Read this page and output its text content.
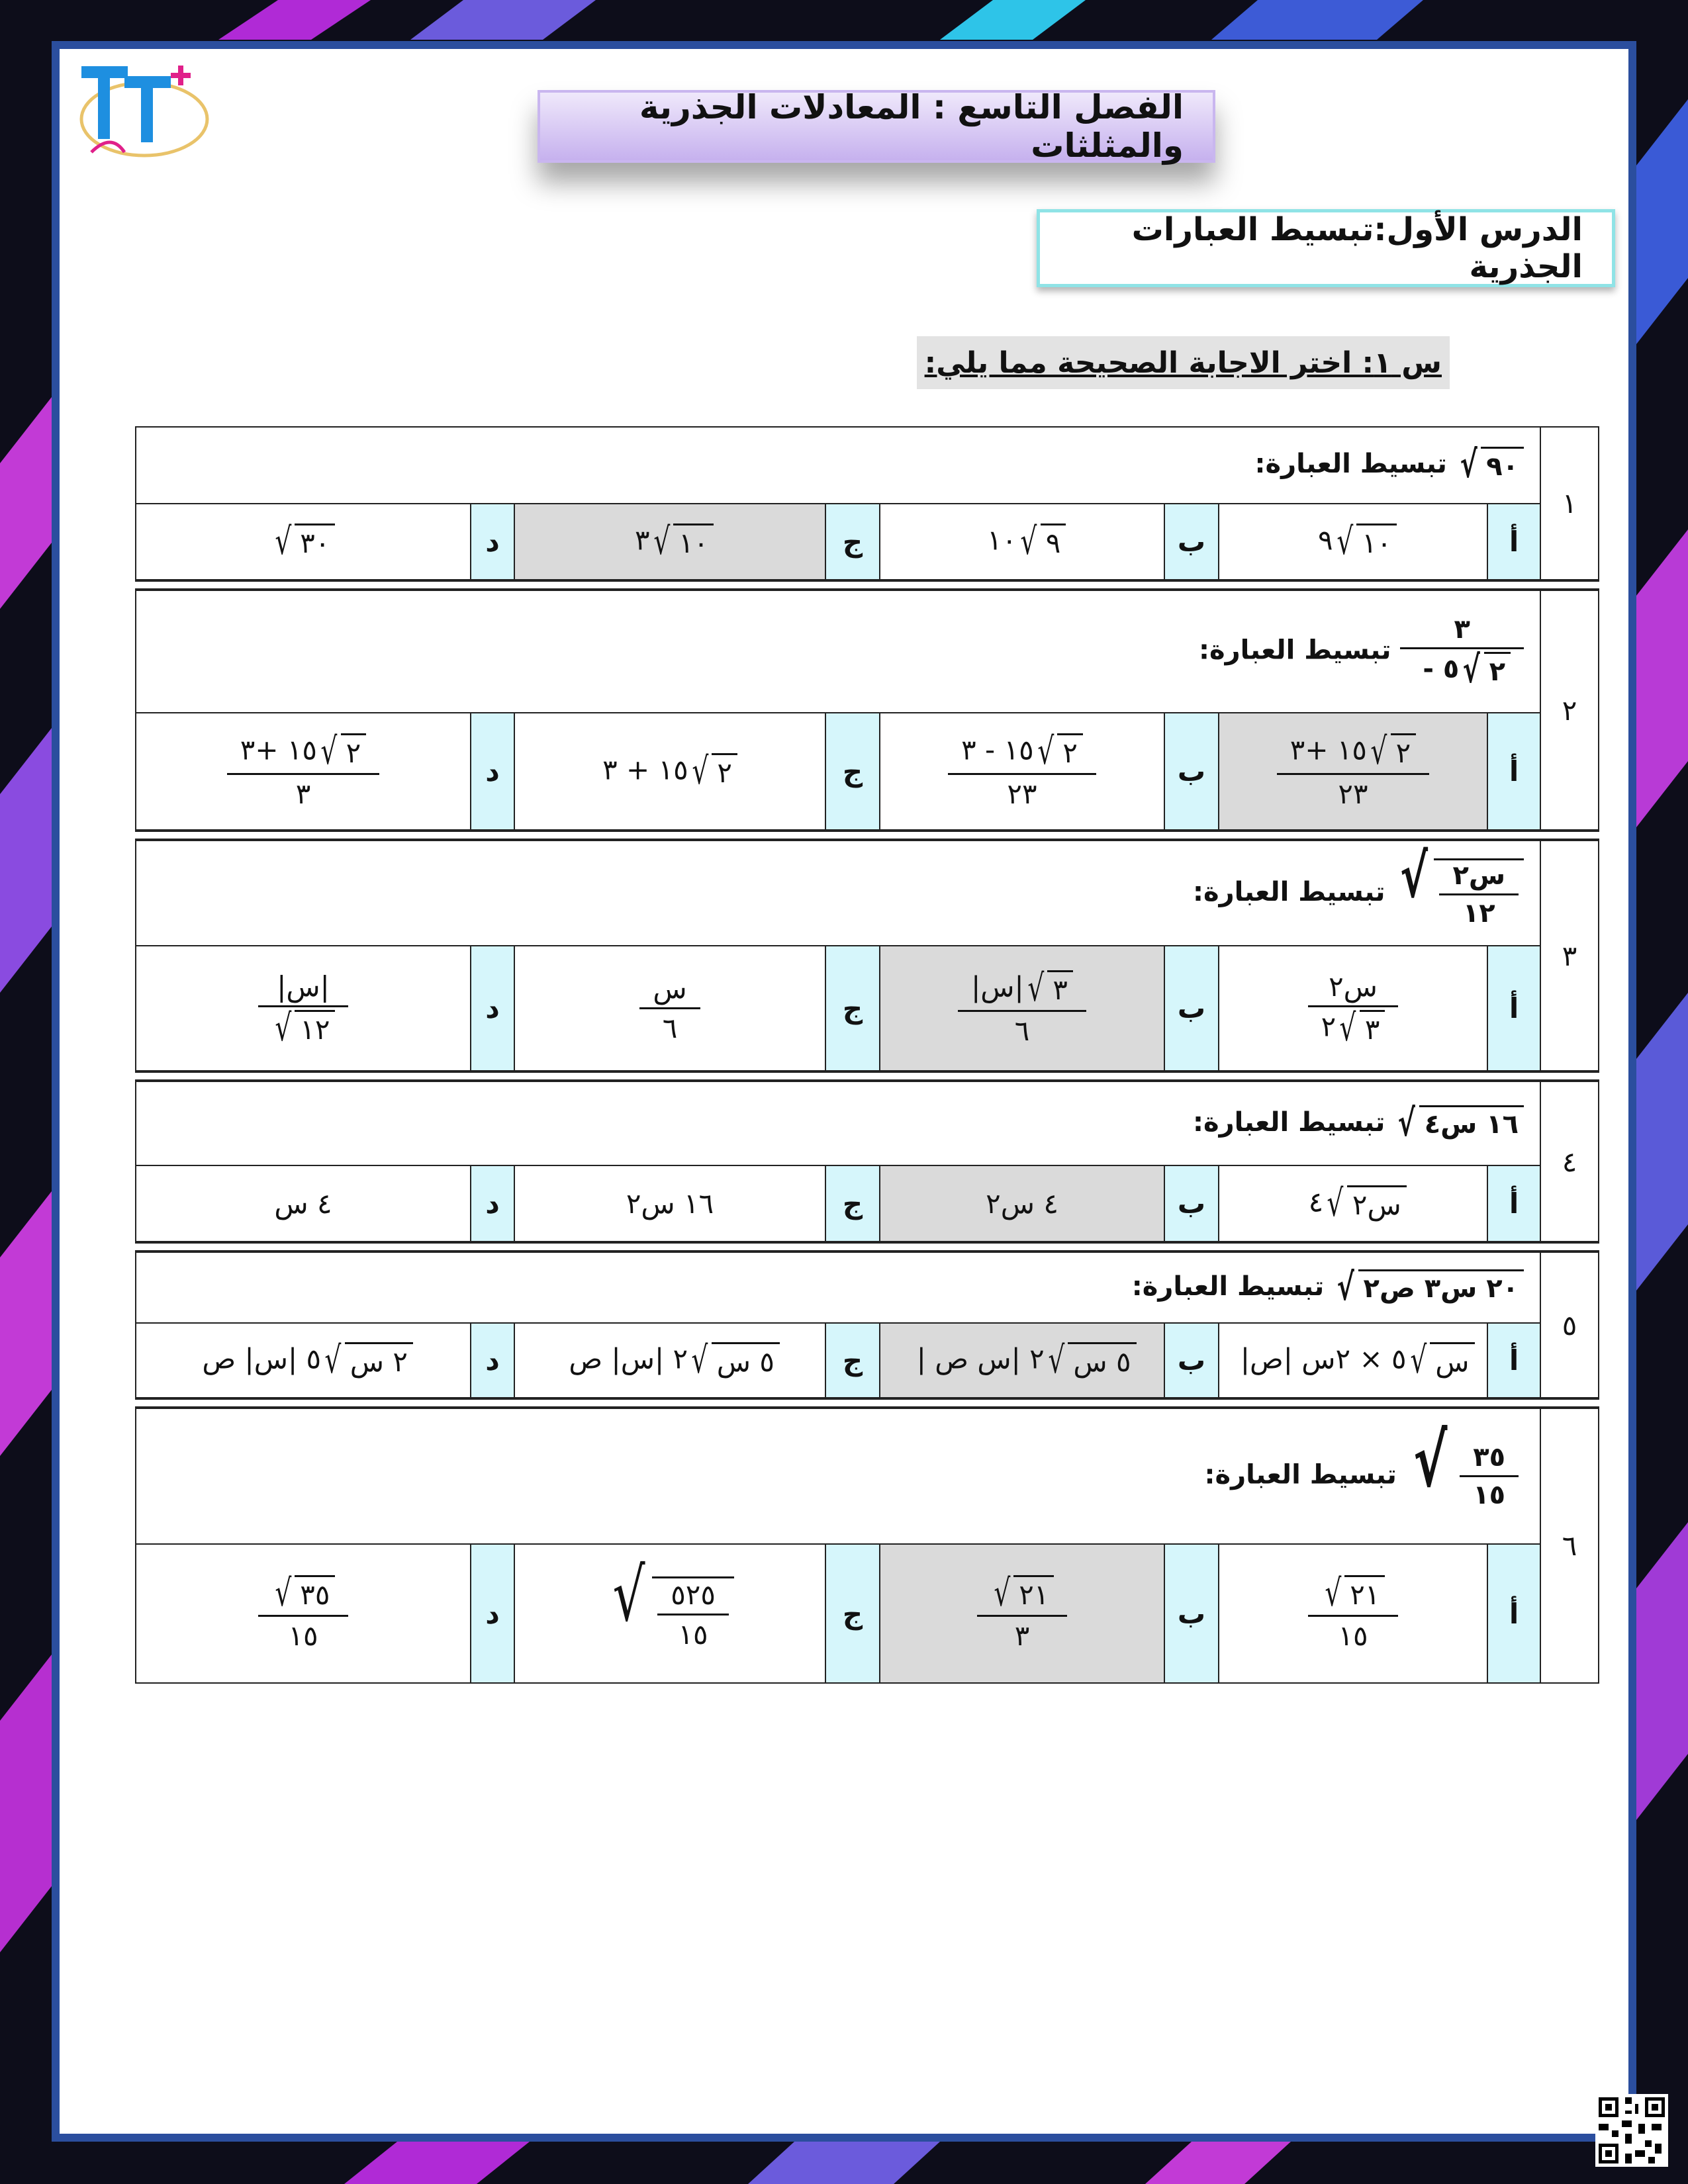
الفصل التاسع : المعادلات الجذرية والمثلثات
الدرس الأول:تبسيط العبارات الجذرية
س ١: اختر الاجابة الصحيحة مما يلي:
تبسيط العبارة: √ ٩٠								١

√ ٣٠	د	٣ √ ١٠	ج	١٠ √ ٩	ب	٩ √ ١٠	أ	

تبسيط العبارة: $\frac{٣}{٥ - √ ٢}$								٢

$\frac{١٥ +٣ √ ٢}{٣}$	د	١٥ + ٣ √ ٢	ج	$\frac{١٥ - ٣ √ ٢}{٢٣}$	ب	$\frac{١٥ +٣ √ ٢}{٢٣}$	أ	

تبسيط العبارة: √ $\frac{\text{س٢}}{١٢}$								٣

$\frac{\text{|س|}}{√ ١٢}$	د	$\frac{\text{س}}{٦}$	ج	$\frac{\text{|س| √ ٣}}{٦}$	ب	$\frac{\text{س٢}}{٢ √ ٣}$	أ	

تبسيط العبارة: √ ١٦ س٤								٤
٤ س	د	١٦ س٢	ج	٤ س٢	ب	٤ √ س٢	أ	

تبسيط العبارة: √ ٢٠ س٣ ص٢								٥
٥ |س| ص √ ٢ س	د	٢ |س| ص √ ٥ س	ج	٢ |س ص | √ ٥ س	ب	٥ × ٢س |ص| √ س	أ	

تبسيط العبارة: √ $\frac{٣٥}{١٥}$								٦

$\frac{√ ٣٥}{١٥}$	د	√ $\frac{٥٢٥}{١٥}$	ج	$\frac{√ ٢١}{٣}$	ب	$\frac{√ ٢١}{١٥}$	أ	
